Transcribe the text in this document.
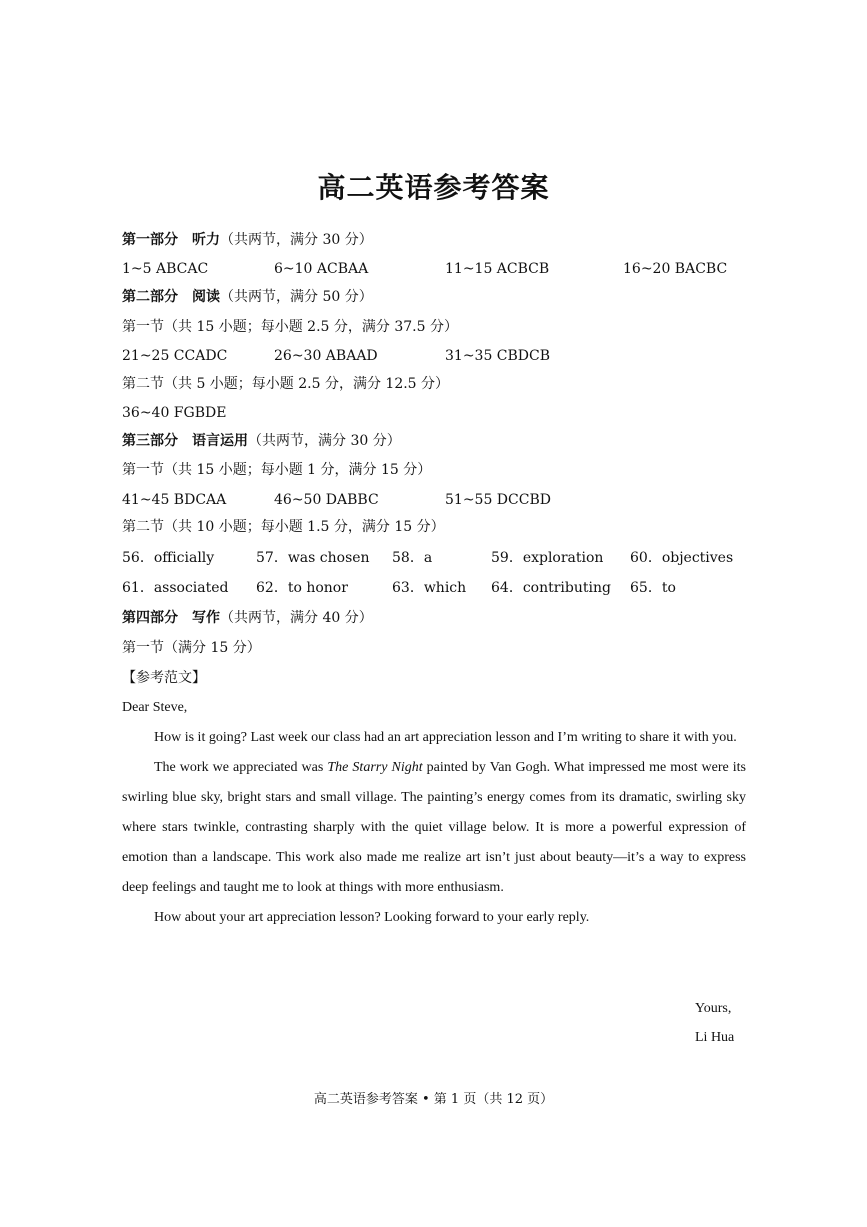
高二英语参考答案
第一部分　听力（共两节，满分 30 分）
1~5 ABCAC	6~10 ACBAA	11~15 ACBCB	16~20 BACBC
第二部分　阅读（共两节，满分 50 分）
第一节（共 15 小题；每小题 2.5 分，满分 37.5 分）
21~25 CCADC	26~30 ABAAD	31~35 CBDCB
第二节（共 5 小题；每小题 2.5 分，满分 12.5 分）
36~40 FGBDE
第三部分　语言运用（共两节，满分 30 分）
第一节（共 15 小题；每小题 1 分，满分 15 分）
41~45 BDCAA	46~50 DABBC	51~55 DCCBD
第二节（共 10 小题；每小题 1.5 分，满分 15 分）
56．officially	57．was chosen 58．a	59．exploration 60．objectives
61．associated 62．to honor	63．which 64．contributing 65．to
第四部分　写作（共两节，满分 40 分）
第一节（满分 15 分）
【参考范文】

Dear Steve,

How is it going? Last week our class had an art appreciation lesson and I’m writing to share it with you.

The work we appreciated was The Starry Night painted by Van Gogh. What impressed me most were its swirling blue sky, bright stars and small village. The painting’s energy comes from its dramatic, swirling sky where stars twinkle, contrasting sharply with the quiet village below. It is more a powerful expression of emotion than a landscape. This work also made me realize art isn’t just about beauty—it’s a way to express deep feelings and taught me to look at things with more enthusiasm.

How about your art appreciation lesson? Looking forward to your early reply.

Yours,
Li Hua
高二英语参考答案 • 第 1 页（共 12 页）
